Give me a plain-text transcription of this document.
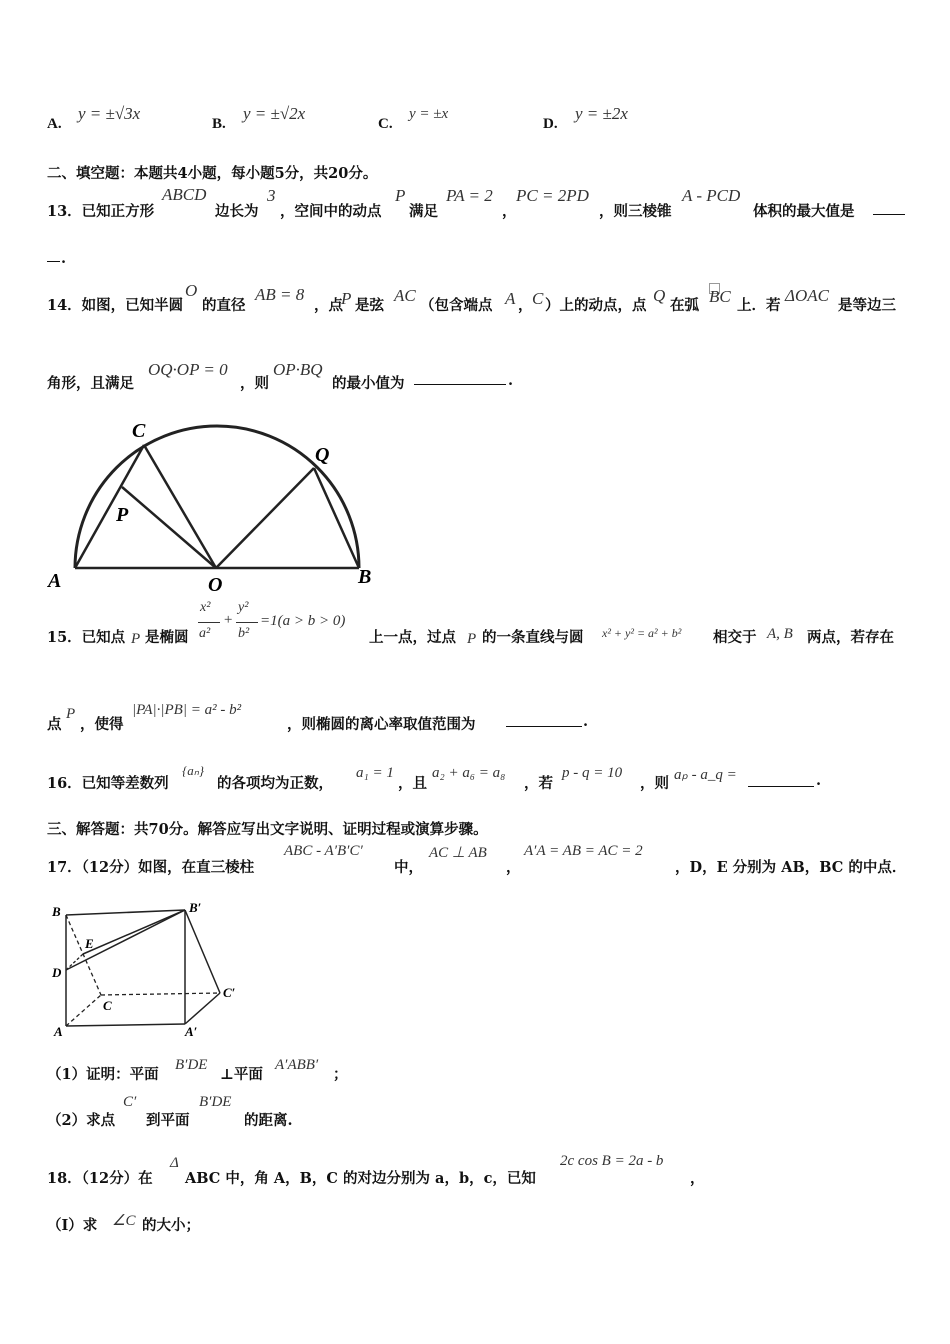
A.
y = ±√3x
B.
y = ±√2x
C.
y = ±x
D.
y = ±2x
二、填空题：本题共4小题，每小题5分，共20分。
13．已知正方形
ABCD
边长为
3
，空间中的动点
P
满足
PA = 2
，
PC = 2PD
，则三棱锥
A - PCD
体积的最大值是
.
14．如图，已知半圆
O
的直径
AB = 8
，点
P 是弦
AC
（包含端点 A ， C ）上的动点，点
Q
在弧 BC 上．若
ΔOAC
是等边三
角形，且满足
OQ·OP = 0
，则
OP·BQ
的最小值为	.
C
P
Q
A	O	B
15．已知点 P 是椭圆
x²
a²
+
y²
b²
=1(a > b > 0)
上一点，过点 P 的一条直线与圆 x² + y² = a² + b² 相交于 A, B 两点，若存在
点
P
，使得
|PA|·|PB| = a² - b²
，则椭圆的离心率取值范围为	.
16．已知等差数列
{aₙ}
的各项均为正数，
a₁ = 1
，且
a₂ + a₆ = a₈
，若
p - q = 10
，则 aₚ - a_q =	.
三、解答题：共70分。解答应写出文字说明、证明过程或演算步骤。
17．（12分）如图，在直三棱柱
ABC - A′B′C′
中，
AC ⊥ AB
，
A′A = AB = AC = 2
，D，E 分别为 AB，BC 的中点．
B	B′
E
D
C
C′
A	A′
（1）证明：平面
B′DE
⊥平面
A′ABB′
；
（2）求点
C′
到平面
B′DE
的距离.
18．（12分）在
Δ
ABC 中，角 A，B，C 的对边分别为 a，b，c，已知
2c cos B = 2a - b
，
（Ⅰ）求 ∠C 的大小；
